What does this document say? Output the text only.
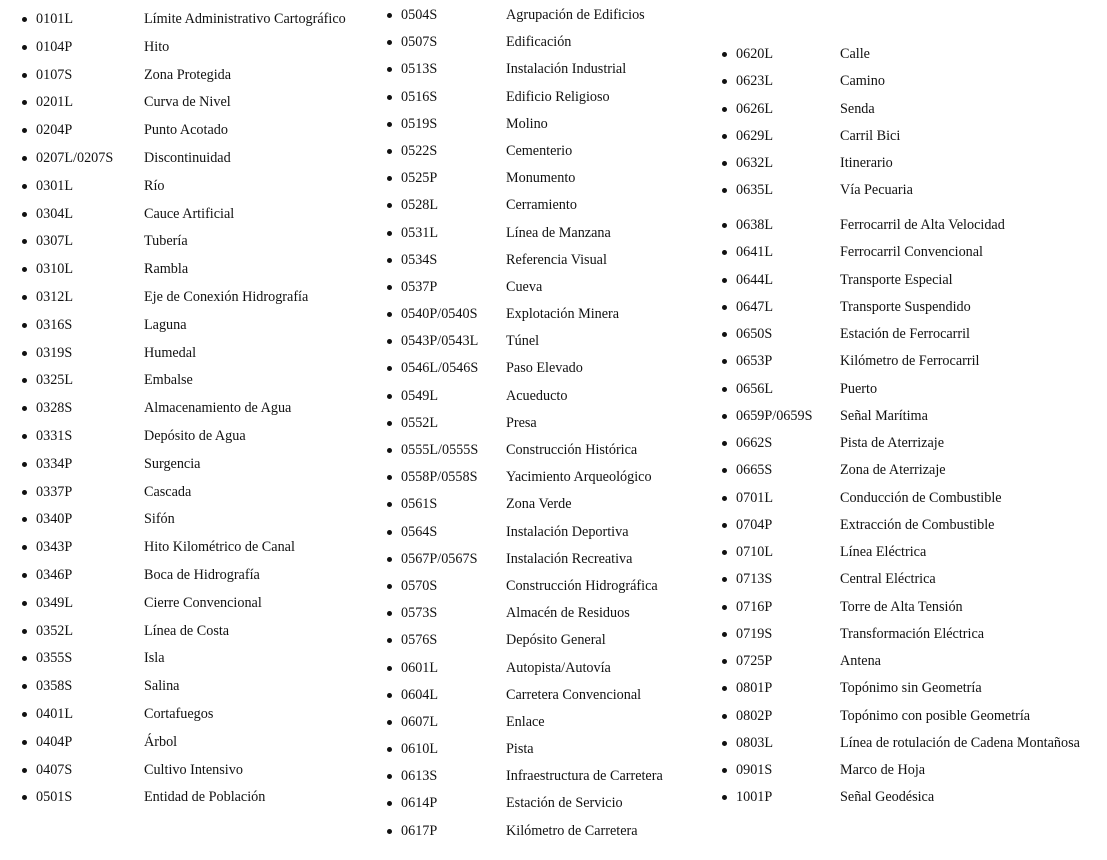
0101L	Límite Administrativo Cartográfico
0104P	Hito
0107S	Zona Protegida
0201L	Curva de Nivel
0204P	Punto Acotado
0207L/0207S Discontinuidad
0301L	Río
0304L	Cauce Artificial
0307L	Tubería
0310L	Rambla
0312L	Eje de Conexión Hidrografía
0316S	Laguna
0319S	Humedal
0325L	Embalse
0328S	Almacenamiento de Agua
0331S	Depósito de Agua
0334P	Surgencia
0337P	Cascada
0340P	Sifón
0343P	Hito Kilométrico de Canal
0346P	Boca de Hidrografía
0349L	Cierre Convencional
0352L	Línea de Costa
0355S	Isla
0358S	Salina
0401L	Cortafuegos
0404P	Árbol
0407S	Cultivo Intensivo
0501S	Entidad de Población
0504S	Agrupación de Edificios
0507S	Edificación
0513S	Instalación Industrial
0516S	Edificio Religioso
0519S	Molino
0522S	Cementerio
0525P	Monumento
0528L	Cerramiento
0531L	Línea de Manzana
0534S	Referencia Visual
0537P	Cueva
0540P/0540S Explotación Minera
0543P/0543L Túnel
0546L/0546S Paso Elevado
0549L	Acueducto
0552L	Presa
0555L/0555S Construcción Histórica
0558P/0558S Yacimiento Arqueológico
0561S	Zona Verde
0564S	Instalación Deportiva
0567P/0567S Instalación Recreativa
0570S	Construcción Hidrográfica
0573S	Almacén de Residuos
0576S	Depósito General
0601L	Autopista/Autovía
0604L	Carretera Convencional
0607L	Enlace
0610L	Pista
0613S	Infraestructura de Carretera
0614P	Estación de Servicio
0617P	Kilómetro de Carretera
0620L	Calle
0623L	Camino
0626L	Senda
0629L	Carril Bici
0632L	Itinerario
0635L	Vía Pecuaria
0638L	Ferrocarril de Alta Velocidad
0641L	Ferrocarril Convencional
0644L	Transporte Especial
0647L	Transporte Suspendido
0650S	Estación de Ferrocarril
0653P	Kilómetro de Ferrocarril
0656L	Puerto
0659P/0659S Señal Marítima
0662S	Pista de Aterrizaje
0665S	Zona de Aterrizaje
0701L	Conducción de Combustible
0704P	Extracción de Combustible
0710L	Línea Eléctrica
0713S	Central Eléctrica
0716P	Torre de Alta Tensión
0719S	Transformación Eléctrica
0725P	Antena
0801P	Topónimo sin Geometría
0802P	Topónimo con posible Geometría
0803L	Línea de rotulación de Cadena Montañosa
0901S	Marco de Hoja
1001P	Señal Geodésica
